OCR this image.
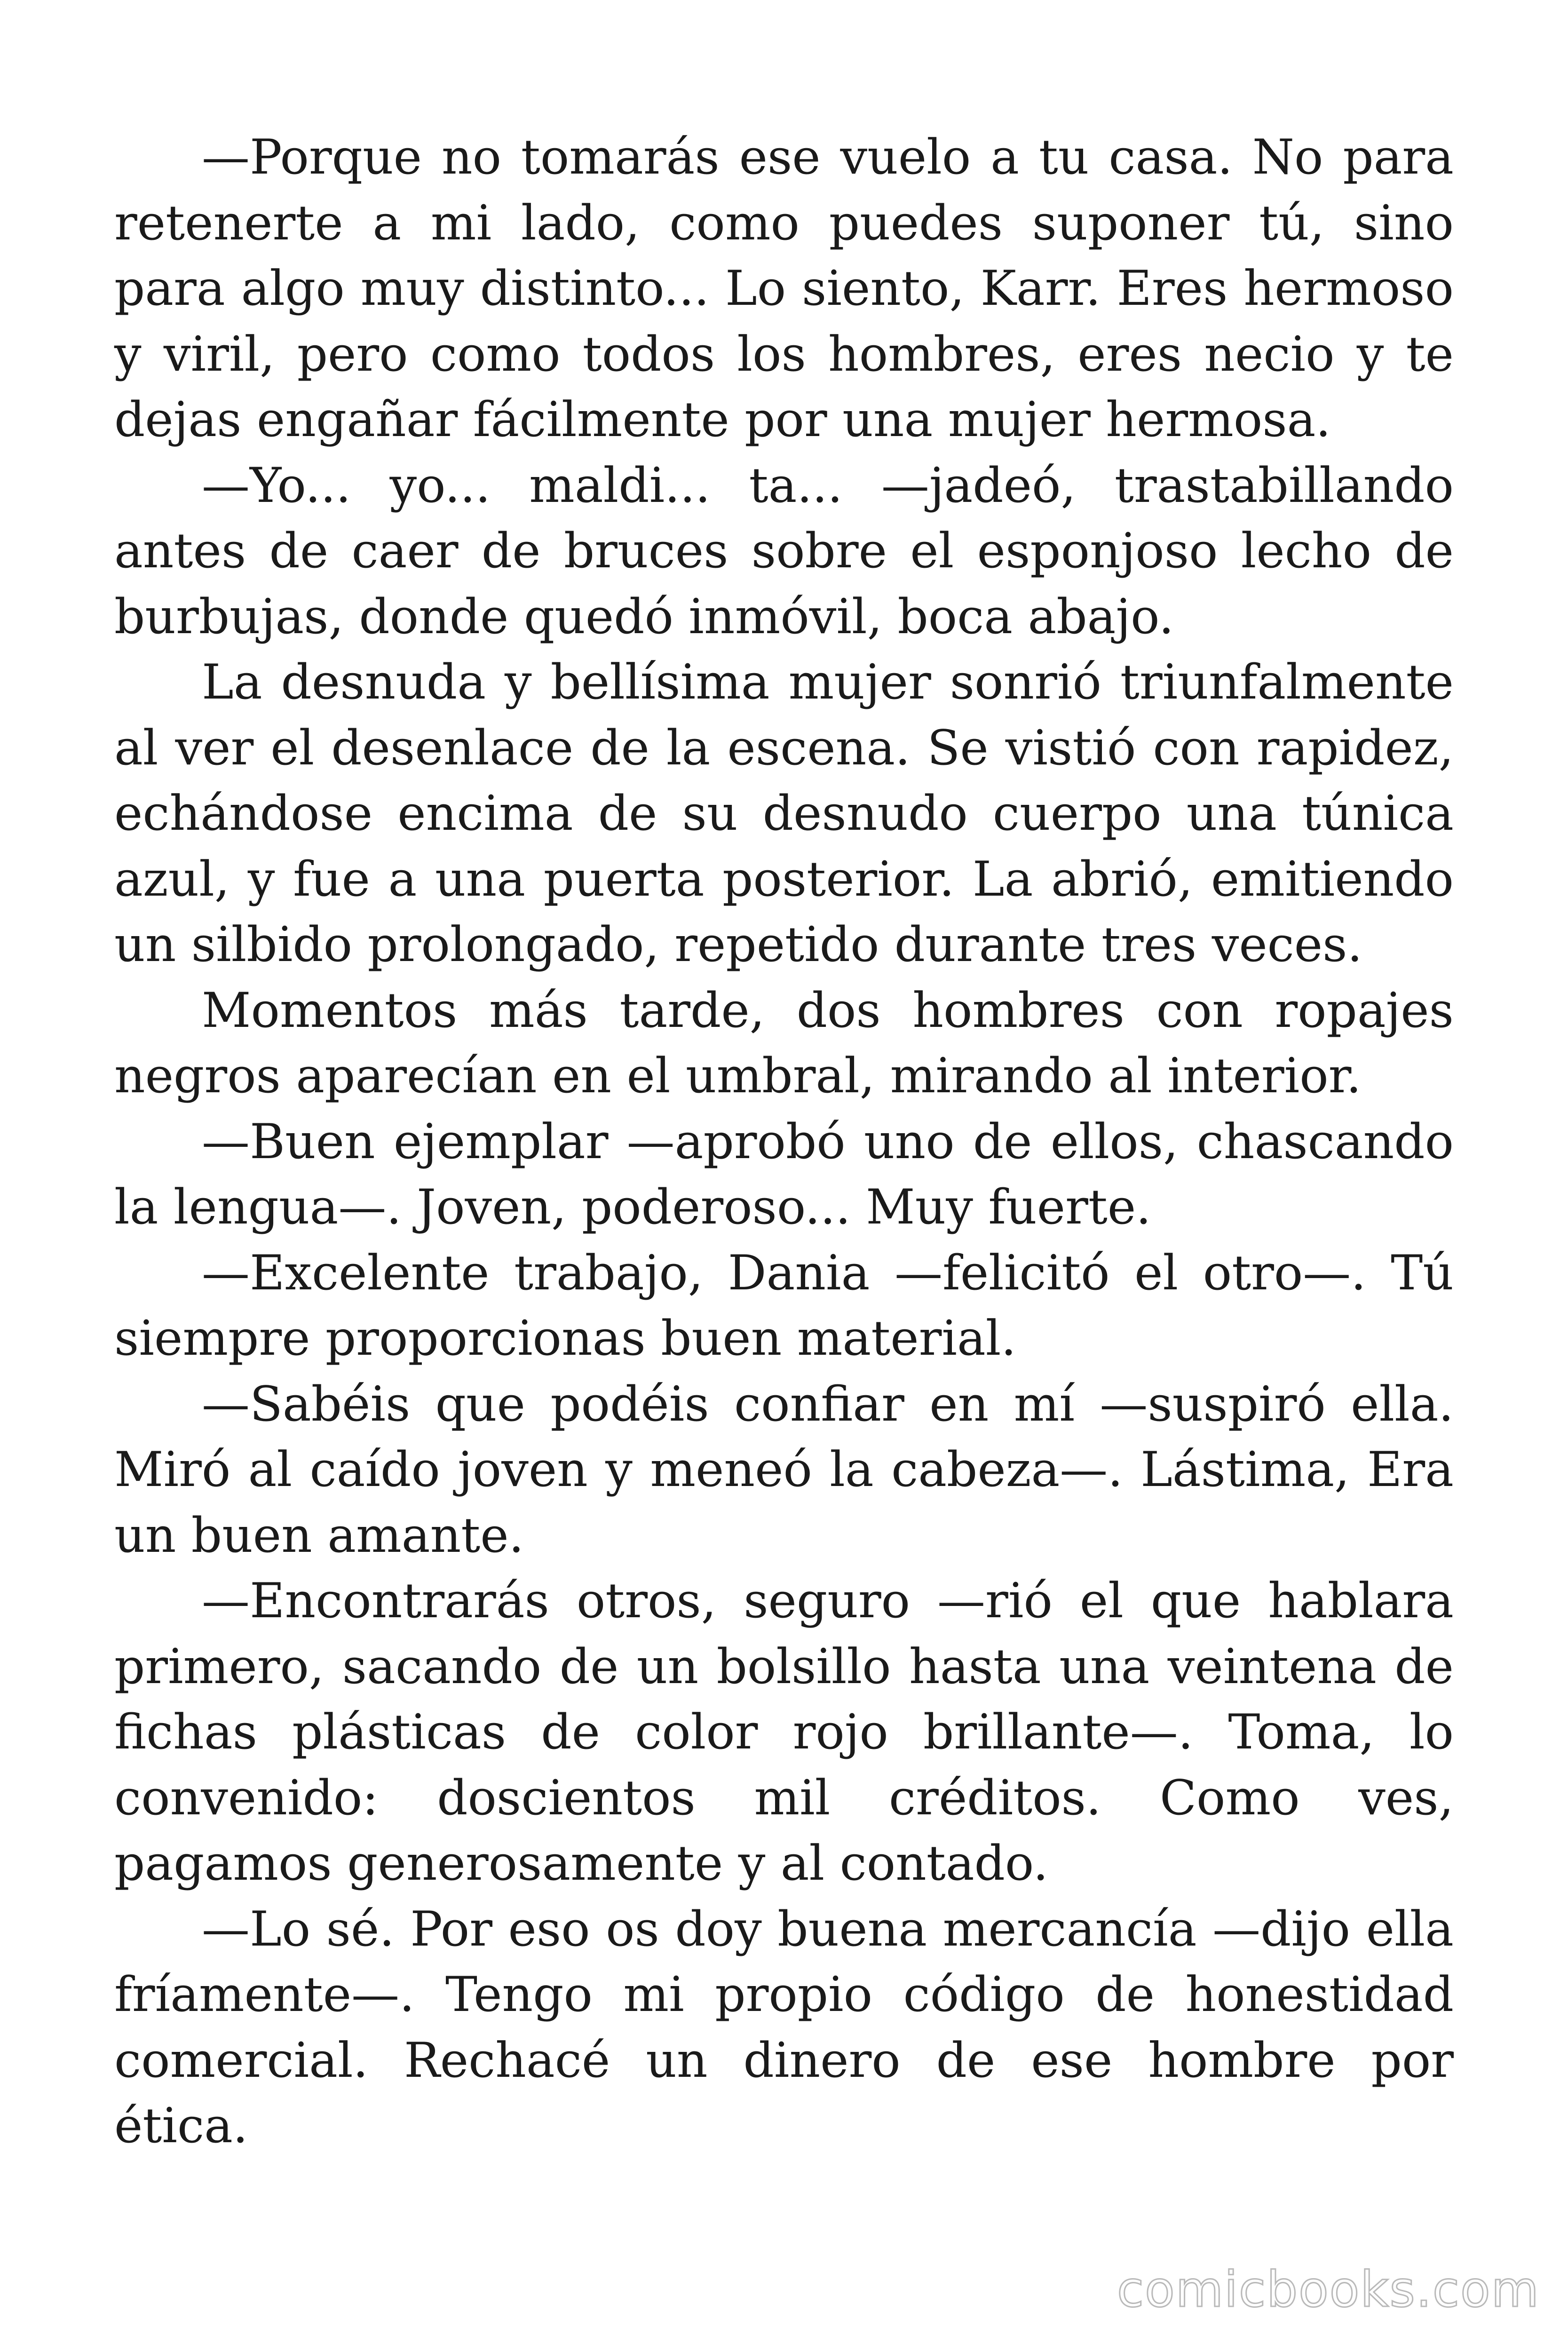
—Porque no tomarás ese vuelo a tu casa. No para retenerte a mi lado, como puedes suponer tú, sino para algo muy distinto... Lo siento, Karr. Eres hermoso y viril, pero como todos los hombres, eres necio y te dejas engañar fácilmente por una mujer hermosa.

—Yo... yo... maldi... ta... —jadeó, trastabillando antes de caer de bruces sobre el esponjoso lecho de burbujas, donde quedó inmóvil, boca abajo.

La desnuda y bellísima mujer sonrió triunfalmente al ver el desenlace de la escena. Se vistió con rapidez, echándose encima de su desnudo cuerpo una túnica azul, y fue a una puerta posterior. La abrió, emitiendo un silbido prolongado, repetido durante tres veces.

Momentos más tarde, dos hombres con ropajes negros aparecían en el umbral, mirando al interior.

—Buen ejemplar —aprobó uno de ellos, chascando la lengua—. Joven, poderoso... Muy fuerte.

—Excelente trabajo, Dania —felicitó el otro—. Tú siempre proporcionas buen material.

—Sabéis que podéis confiar en mí —suspiró ella. Miró al caído joven y meneó la cabeza—. Lástima, Era un buen amante.

—Encontrarás otros, seguro —rió el que hablara primero, sacando de un bolsillo hasta una veintena de fichas plásticas de color rojo brillante—. Toma, lo convenido: doscientos mil créditos. Como ves, pagamos generosamente y al contado.

—Lo sé. Por eso os doy buena mercancía —dijo ella fríamente—. Tengo mi propio código de honestidad comercial. Rechacé un dinero de ese hombre por ética.

comicbooks.com
